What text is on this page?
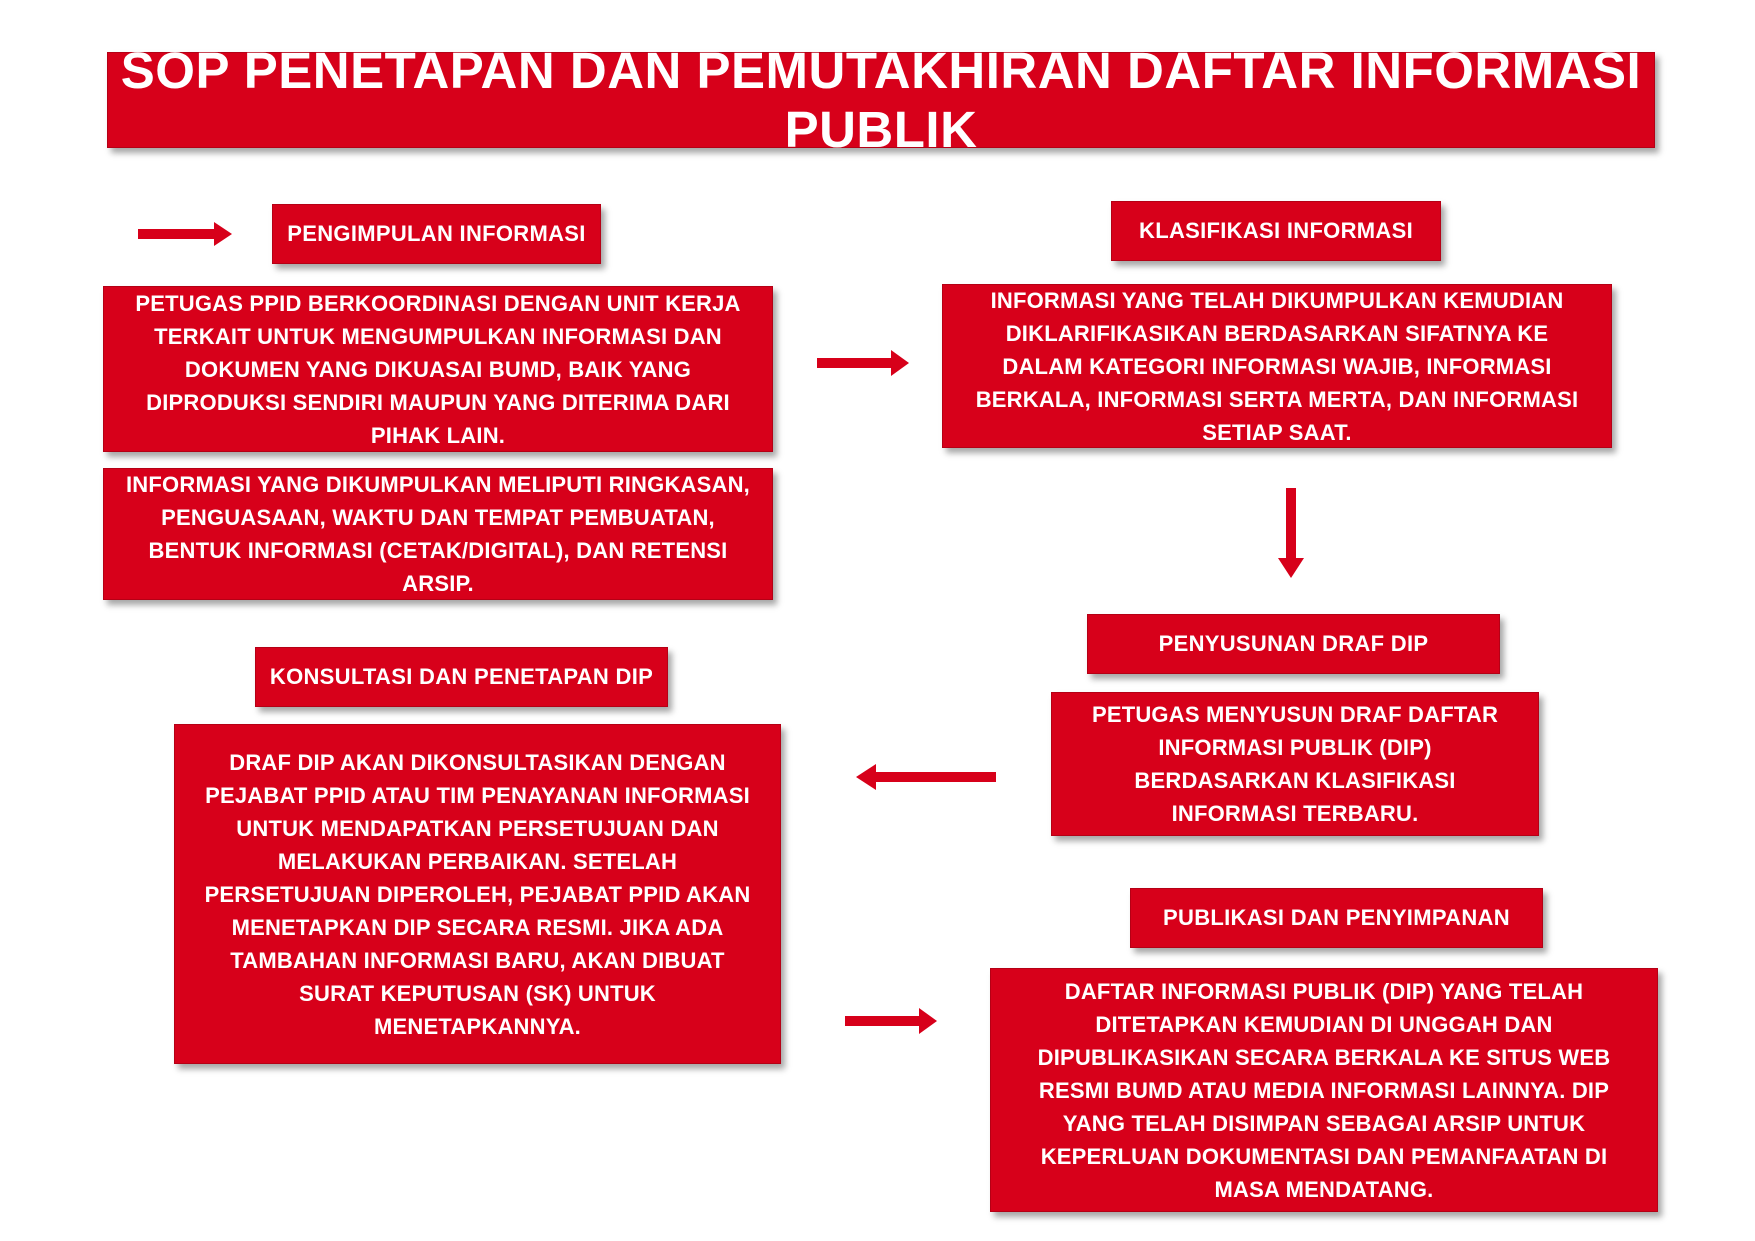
SOP PENETAPAN DAN PEMUTAKHIRAN DAFTAR INFORMASI PUBLIK
PENGIMPULAN INFORMASI
PETUGAS PPID BERKOORDINASI DENGAN UNIT KERJA TERKAIT UNTUK MENGUMPULKAN INFORMASI DAN DOKUMEN YANG DIKUASAI BUMD, BAIK YANG DIPRODUKSI SENDIRI MAUPUN YANG DITERIMA DARI PIHAK LAIN.
INFORMASI YANG DIKUMPULKAN MELIPUTI RINGKASAN, PENGUASAAN, WAKTU DAN TEMPAT PEMBUATAN, BENTUK INFORMASI (CETAK/DIGITAL), DAN RETENSI ARSIP.
KLASIFIKASI INFORMASI
INFORMASI YANG TELAH DIKUMPULKAN KEMUDIAN DIKLARIFIKASIKAN BERDASARKAN SIFATNYA KE DALAM KATEGORI INFORMASI WAJIB, INFORMASI BERKALA, INFORMASI SERTA MERTA, DAN INFORMASI SETIAP SAAT.
PENYUSUNAN DRAF DIP
PETUGAS MENYUSUN DRAF DAFTAR INFORMASI PUBLIK (DIP) BERDASARKAN KLASIFIKASI INFORMASI TERBARU.
KONSULTASI DAN PENETAPAN DIP
DRAF DIP AKAN DIKONSULTASIKAN DENGAN PEJABAT PPID ATAU TIM PENAYANAN INFORMASI UNTUK MENDAPATKAN PERSETUJUAN DAN MELAKUKAN PERBAIKAN. SETELAH PERSETUJUAN DIPEROLEH, PEJABAT PPID AKAN MENETAPKAN DIP SECARA RESMI. JIKA ADA TAMBAHAN INFORMASI BARU, AKAN DIBUAT SURAT KEPUTUSAN (SK) UNTUK MENETAPKANNYA.
PUBLIKASI DAN PENYIMPANAN
DAFTAR INFORMASI PUBLIK (DIP) YANG TELAH DITETAPKAN KEMUDIAN DI UNGGAH DAN DIPUBLIKASIKAN SECARA BERKALA KE SITUS WEB RESMI BUMD ATAU MEDIA INFORMASI LAINNYA. DIP YANG TELAH DISIMPAN SEBAGAI ARSIP UNTUK KEPERLUAN DOKUMENTASI DAN PEMANFAATAN DI MASA MENDATANG.
